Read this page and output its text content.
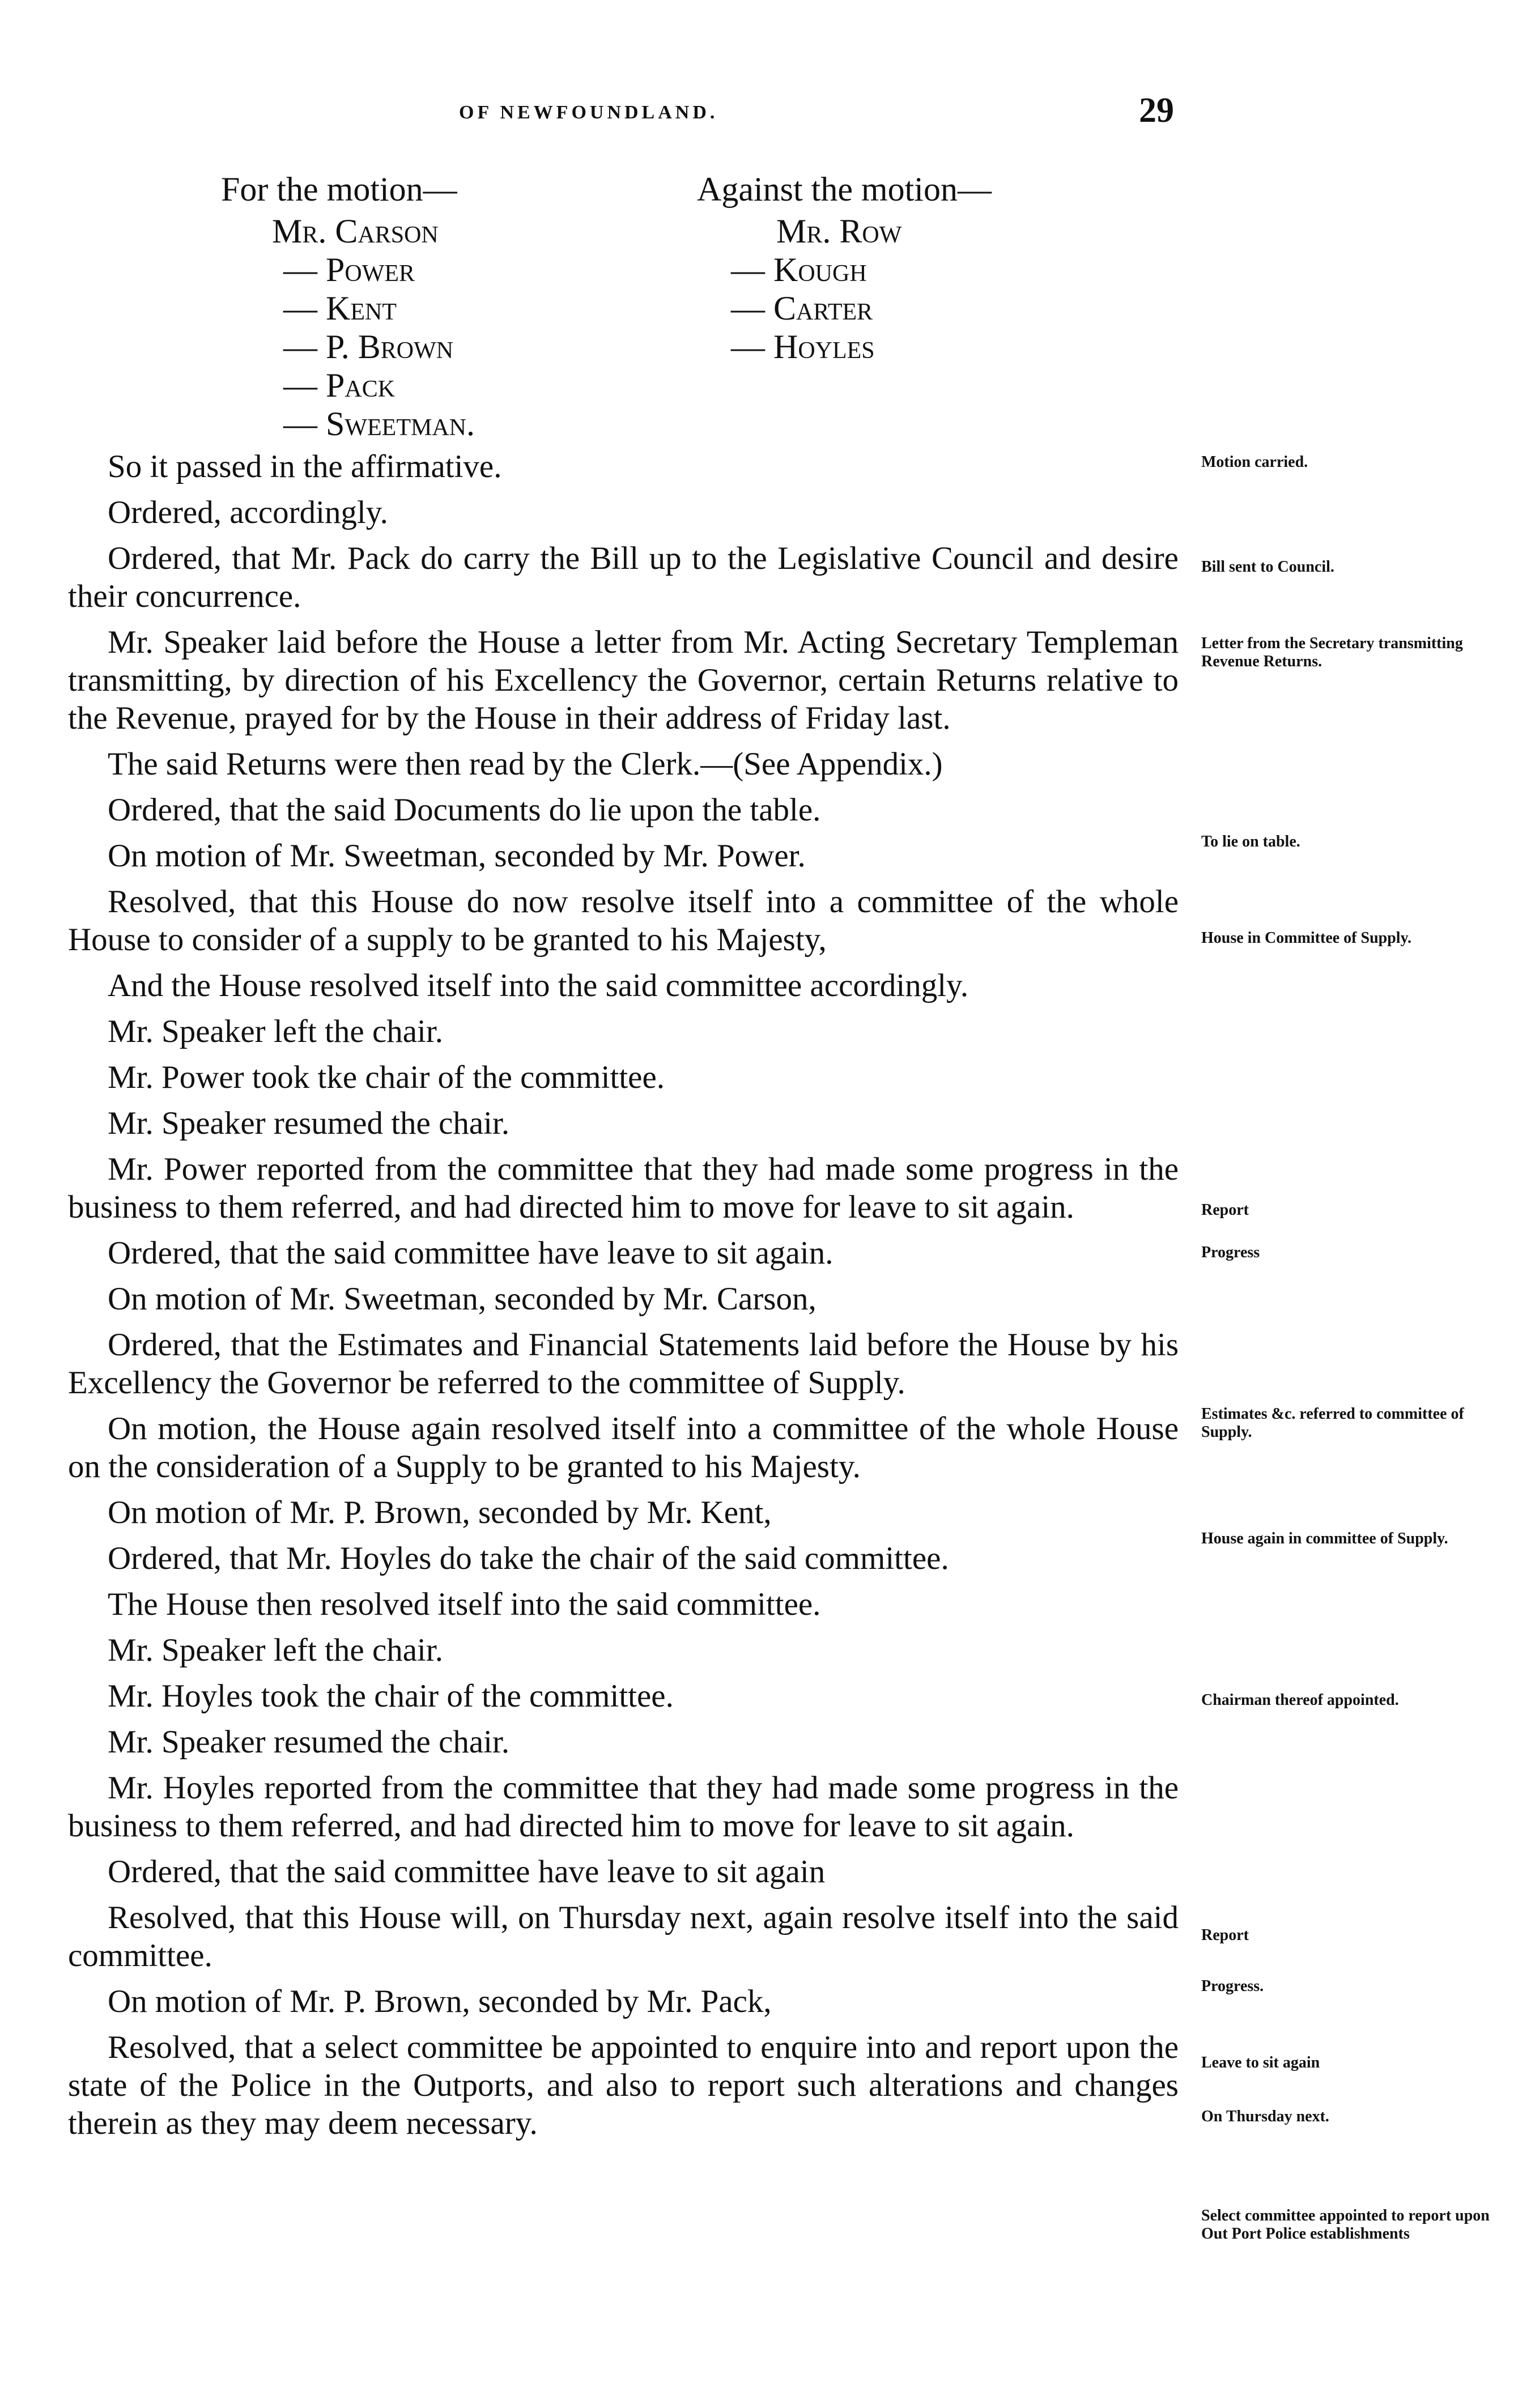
OF NEWFOUNDLAND.	29
For the motion—
Mr. Carson
— Power
— Kent
— P. Brown
— Pack
— Sweetman.
Against the motion—
Mr. Row
— Kough
— Carter
— Hoyles

So it passed in the affirmative.

Ordered, accordingly.

Ordered, that Mr. Pack do carry the Bill up to the Legislative Council and desire their concurrence.

Mr. Speaker laid before the House a letter from Mr. Acting Secretary Templeman transmitting, by direction of his Excellency the Governor, certain Returns relative to the Revenue, prayed for by the House in their address of Friday last.

The said Returns were then read by the Clerk.—(See Appendix.)

Ordered, that the said Documents do lie upon the table.

On motion of Mr. Sweetman, seconded by Mr. Power.

Resolved, that this House do now resolve itself into a committee of the whole House to consider of a supply to be granted to his Majesty,

And the House resolved itself into the said committee accordingly.

Mr. Speaker left the chair.

Mr. Power took tke chair of the committee.

Mr. Speaker resumed the chair.

Mr. Power reported from the committee that they had made some progress in the business to them referred, and had directed him to move for leave to sit again.

Ordered, that the said committee have leave to sit again.

On motion of Mr. Sweetman, seconded by Mr. Carson,

Ordered, that the Estimates and Financial Statements laid before the House by his Excellency the Governor be referred to the committee of Supply.

On motion, the House again resolved itself into a committee of the whole House on the consideration of a Supply to be granted to his Majesty.

On motion of Mr. P. Brown, seconded by Mr. Kent,

Ordered, that Mr. Hoyles do take the chair of the said committee.

The House then resolved itself into the said committee.

Mr. Speaker left the chair.

Mr. Hoyles took the chair of the committee.

Mr. Speaker resumed the chair.

Mr. Hoyles reported from the committee that they had made some progress in the business to them referred, and had directed him to move for leave to sit again.

Ordered, that the said committee have leave to sit again

Resolved, that this House will, on Thursday next, again resolve itself into the said committee.

On motion of Mr. P. Brown, seconded by Mr. Pack,

Resolved, that a select committee be appointed to enquire into and report upon the state of the Police in the Outports, and also to report such alterations and changes therein as they may deem necessary.

Motion carried.
Bill sent to Council.
Letter from the Secretary transmitting Revenue Returns.
To lie on table.
House in Committee of Supply.
Report
Progress
Estimates &c. referred to committee of Supply.
House again in committee of Supply.
Chairman thereof appointed.
Report
Progress.
Leave to sit again
On Thursday next.
Select committee appointed to report upon Out Port Police establishments
